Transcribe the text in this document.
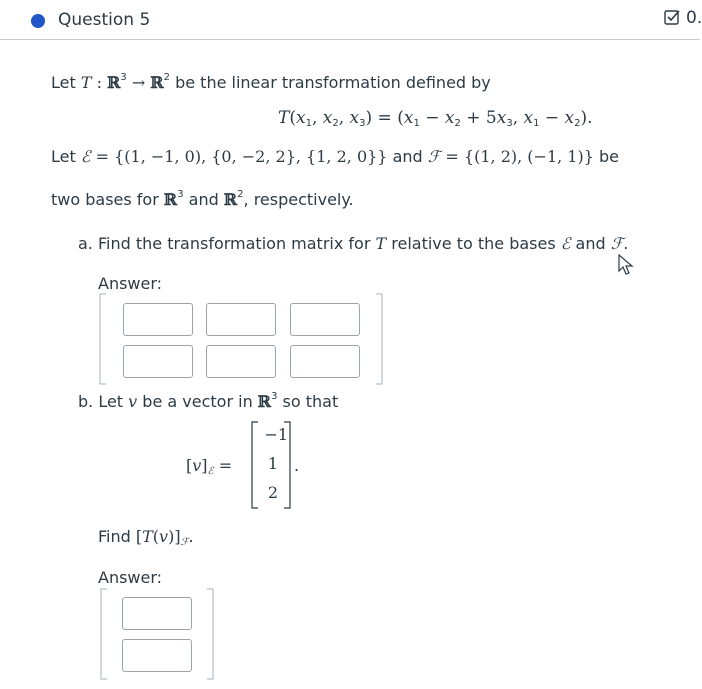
Question 5	0.
Let T : ℝ$^3$ → ℝ$^2$ be the linear transformation defined by
$T(x_1$, $x_2$, $x_3) = (x_1 - x_2 + 5x_3$, $x_1 - x_2$).
Let ℰ = {(1, −1, 0), {0, −2, 2}, {1, 2, 0}} and ℱ = {(1, 2), (−1, 1)} be
two bases for ℝ$^3$ and ℝ$^2$, respectively.
a. Find the transformation matrix for T relative to the bases ℰ and ℱ.
Answer:
b. Let v be a vector in ℝ$^3$ so that
$[v]_ℰ$ =
−1
1
2
.
Find $[T(v)]_ℱ$.
Answer:
